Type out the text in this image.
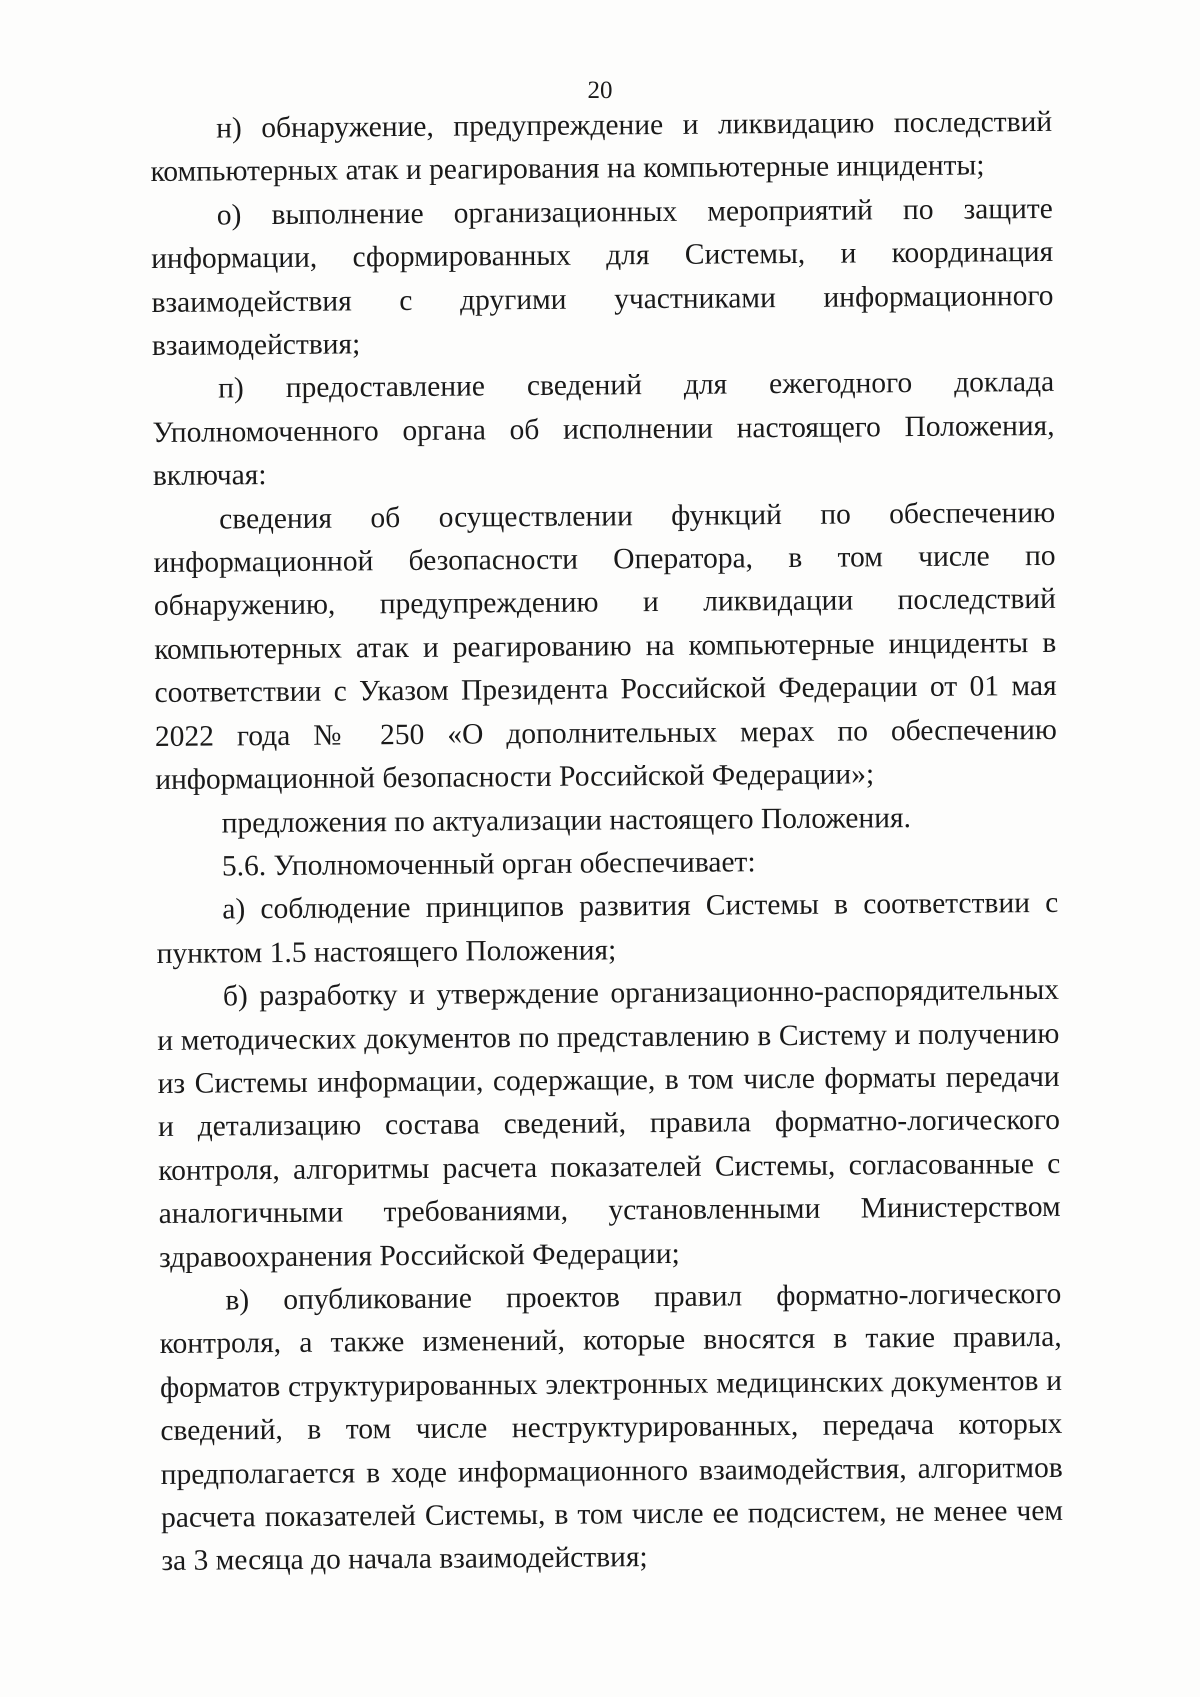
20

н) обнаружение, предупреждение и ликвидацию последствий компьютерных атак и реагирования на компьютерные инциденты;

о) выполнение организационных мероприятий по защите информации, сформированных для Системы, и координация взаимодействия с другими участниками информационного взаимодействия;

п) предоставление сведений для ежегодного доклада Уполномоченного органа об исполнении настоящего Положения, включая:

сведения об осуществлении функций по обеспечению информационной безопасности Оператора, в том числе по обнаружению, предупреждению и ликвидации последствий компьютерных атак и реагированию на компьютерные инциденты в соответствии с Указом Президента Российской Федерации от 01 мая 2022 года № 250 «О дополнительных мерах по обеспечению информационной безопасности Российской Федерации»;

предложения по актуализации настоящего Положения.

5.6. Уполномоченный орган обеспечивает:

а) соблюдение принципов развития Системы в соответствии с пунктом 1.5 настоящего Положения;

б) разработку и утверждение организационно-распорядительных и методических документов по представлению в Систему и получению из Системы информации, содержащие, в том числе форматы передачи и детализацию состава сведений, правила форматно-логического контроля, алгоритмы расчета показателей Системы, согласованные с аналогичными требованиями, установленными Министерством здравоохранения Российской Федерации;

в) опубликование проектов правил форматно-логического контроля, а также изменений, которые вносятся в такие правила, форматов структурированных электронных медицинских документов и сведений, в том числе неструктурированных, передача которых предполагается в ходе информационного взаимодействия, алгоритмов расчета показателей Системы, в том числе ее подсистем, не менее чем за 3 месяца до начала взаимодействия;
